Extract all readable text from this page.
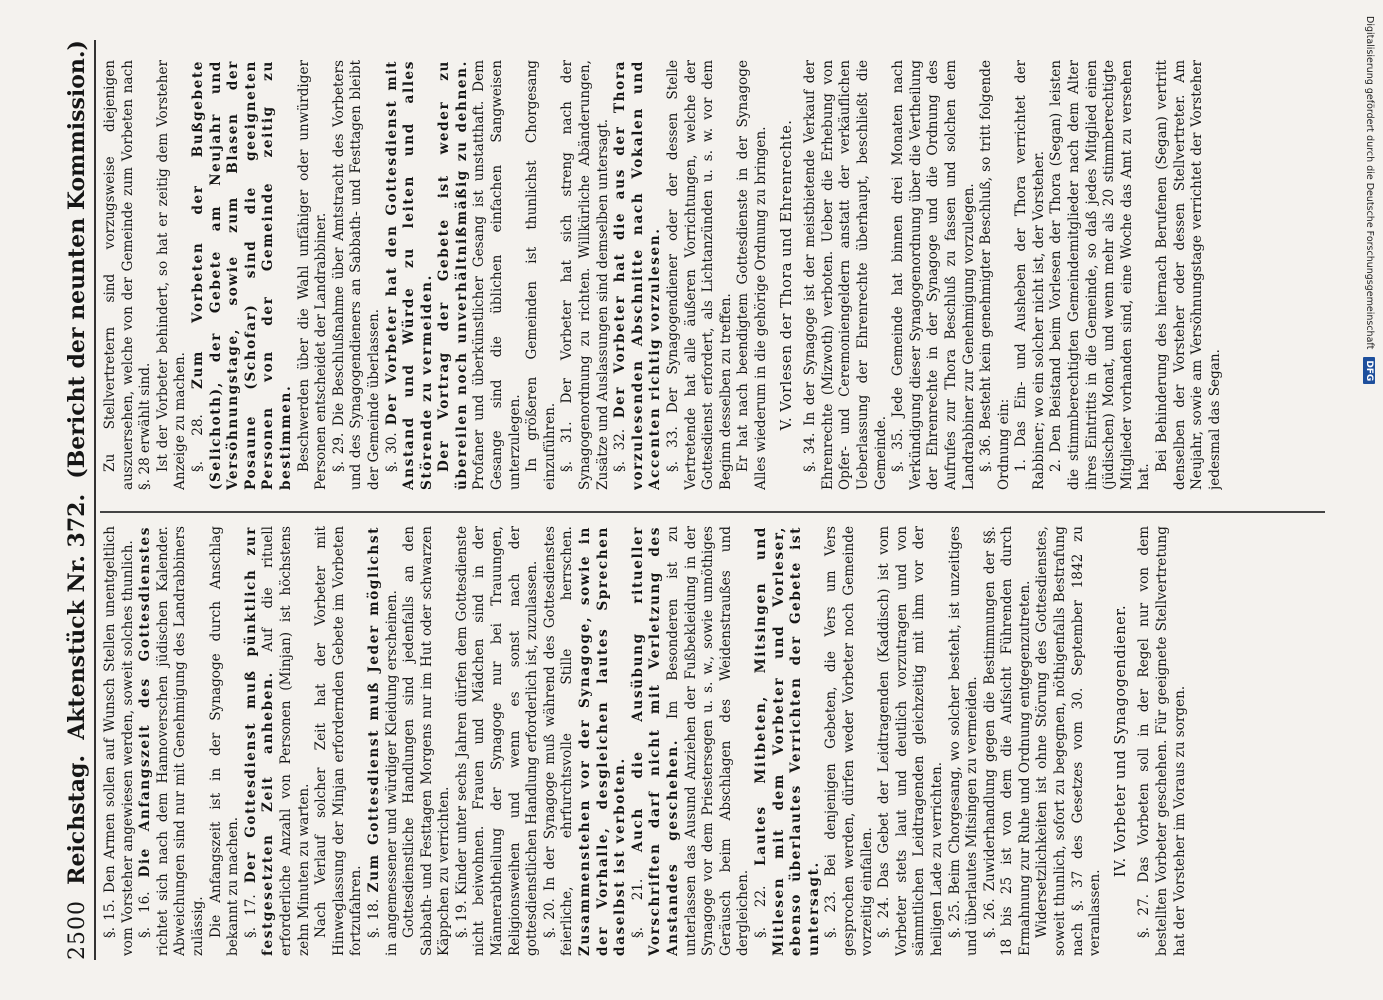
2500
Reichstag.
Aktenstück Nr. 372.
(Bericht der neunten Kommission.)

§. 15. Den Armen sollen auf Wunsch Stellen unentgeltlich vom Vorsteher angewiesen werden, soweit solches thunlich. §. 16. Die Anfangszeit des Gottesdienstes richtet sich nach dem Hannoverschen jüdischen Kalender. Abweichungen sind nur mit Genehmigung des Landrabbiners zulässig. Die Anfangszeit ist in der Synagoge durch Anschlag bekannt zu machen. §. 17. Der Gottesdienst muß pünktlich zur festgesetzten Zeit anheben. Auf die rituell erforderliche Anzahl von Personen (Minjan) ist höchstens zehn Minuten zu warten. Nach Verlauf solcher Zeit hat der Vorbeter mit Hinweglassung der Minjan erfordernden Gebete im Vorbeten fortzufahren. §. 18. Zum Gottesdienst muß Jeder möglichst in angemessener und würdiger Kleidung erscheinen. Gottesdienstliche Handlungen sind jedenfalls an den Sabbath- und Festtagen Morgens nur im Hut oder schwarzen Käppchen zu verrichten. §. 19. Kinder unter sechs Jahren dürfen dem Gottesdienste nicht beiwohnen. Frauen und Mädchen sind in der Männerabtheilung der Synagoge nur bei Trauungen, Religionsweihen und wenn es sonst nach der gottesdienstlichen Handlung erforderlich ist, zuzulassen. §. 20. In der Synagoge muß während des Gottesdienstes feierliche, ehrfurchtsvolle Stille herrschen. Zusammenstehen vor der Synagoge, sowie in der Vorhalle, desgleichen lautes Sprechen daselbst ist verboten. §. 21. Auch die Ausübung ritueller Vorschriften darf nicht mit Verletzung des Anstandes geschehen. Im Besonderen ist zu unterlassen das Ausund Anziehen der Fußbekleidung in der Synagoge vor dem Priestersegen u. s. w., sowie unnöthiges Geräusch beim Abschlagen des Weidenstraußes und dergleichen. §. 22. Lautes Mitbeten, Mitsingen und Mitlesen mit dem Vorbeter und Vorleser, ebenso überlautes Verrichten der Gebete ist untersagt. §. 23. Bei denjenigen Gebeten, die Vers um Vers gesprochen werden, dürfen weder Vorbeter noch Gemeinde vorzeitig einfallen. §. 24. Das Gebet der Leidtragenden (Kaddisch) ist vom Vorbeter stets laut und deutlich vorzutragen und von sämmtlichen Leidtragenden gleichzeitig mit ihm vor der heiligen Lade zu verrichten. §. 25. Beim Chorgesang, wo solcher besteht, ist unzeitiges und überlautes Mitsingen zu vermeiden. §. 26. Zuwiderhandlung gegen die Bestimmungen der §§. 18 bis 25 ist von dem die Aufsicht Führenden durch Ermahnung zur Ruhe und Ordnung entgegenzutreten. Widersetzlichkeiten ist ohne Störung des Gottesdienstes, soweit thunlich, sofort zu begegnen, nöthigenfalls Bestrafung nach §. 37 des Gesetzes vom 30. September 1842 zu veranlassen.

IV. Vorbeter und Synagogendiener.

§. 27. Das Vorbeten soll in der Regel nur von dem bestellten Vorbeter geschehen. Für geeignete Stellvertretung hat der Vorsteher im Voraus zu sorgen.

Zu Stellvertretern sind vorzugsweise diejenigen auszuersehen, welche von der Gemeinde zum Vorbeten nach §. 28 erwählt sind. Ist der Vorbeter behindert, so hat er zeitig dem Vorsteher Anzeige zu machen. §. 28. Zum Vorbeten der Bußgebete (Selichoth), der Gebete am Neujahr und Versöhnungstage, sowie zum Blasen der Posaune (Schofar) sind die geeigneten Personen von der Gemeinde zeitig zu bestimmen. Beschwerden über die Wahl unfähiger oder unwürdiger Personen entscheidet der Landrabbiner. §. 29. Die Beschlußnahme über Amtstracht des Vorbeters und des Synagogendieners an Sabbath- und Festtagen bleibt der Gemeinde überlassen. §. 30. Der Vorbeter hat den Gottesdienst mit Anstand und Würde zu leiten und alles Störende zu vermeiden. Der Vortrag der Gebete ist weder zu übereilen noch unverhältnißmäßig zu dehnen. Profaner und überkünstlicher Gesang ist unstatthaft. Dem Gesange sind die üblichen einfachen Sangweisen unterzulegen. In größeren Gemeinden ist thunlichst Chorgesang einzuführen. §. 31. Der Vorbeter hat sich streng nach der Synagogenordnung zu richten. Willkürliche Abänderungen, Zusätze und Auslassungen sind demselben untersagt. §. 32. Der Vorbeter hat die aus der Thora vorzulesenden Abschnitte nach Vokalen und Accenten richtig vorzulesen. §. 33. Der Synagogendiener oder der dessen Stelle Vertretende hat alle äußeren Vorrichtungen, welche der Gottesdienst erfordert, als Lichtanzünden u. s. w. vor dem Beginn desselben zu treffen. Er hat nach beendigtem Gottesdienste in der Synagoge Alles wiederum in die gehörige Ordnung zu bringen. V. Vorlesen der Thora und Ehrenrechte.

§. 34. In der Synagoge ist der meistbietende Verkauf der Ehrenrechte (Mizwoth) verboten. Ueber die Erhebung von Opfer- und Ceremoniengeldern anstatt der verkäuflichen Ueberlassung der Ehrenrechte überhaupt, beschließt die Gemeinde. §. 35. Jede Gemeinde hat binnen drei Monaten nach Verkündigung dieser Synagogenordnung über die Vertheilung der Ehrenrechte in der Synagoge und die Ordnung des Aufrufes zur Thora Beschluß zu fassen und solchen dem Landrabbiner zur Genehmigung vorzulegen. §. 36. Besteht kein genehmigter Beschluß, so tritt folgende Ordnung ein: 1. Das Ein- und Ausheben der Thora verrichtet der Rabbiner; wo ein solcher nicht ist, der Vorsteher. 2. Den Beistand beim Vorlesen der Thora (Segan) leisten die stimmberechtigten Gemeindemitglieder nach dem Alter ihres Eintritts in die Gemeinde, so daß jedes Mitglied einen (jüdischen) Monat, und wenn mehr als 20 stimmberechtigte Mitglieder vorhanden sind, eine Woche das Amt zu versehen hat.

Bei Behinderung des hiernach Berufenen (Segan) vertritt denselben der Vorsteher oder dessen Stellvertreter. Am Neujahr, sowie am Versöhnungstage verrichtet der Vorsteher jedesmal das Segan.

Digitalisierung gefördert durch die Deutsche Forschungsgemeinschaft
DFG
